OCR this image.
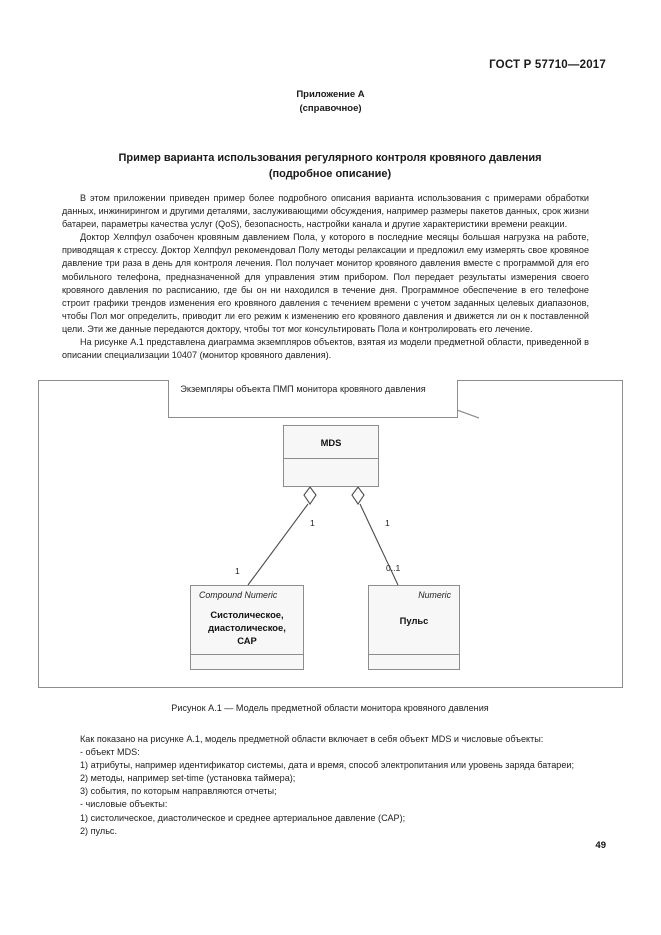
ГОСТ Р 57710—2017
Приложение А
(справочное)
Пример варианта использования регулярного контроля кровяного давления
(подробное описание)

В этом приложении приведен пример более подробного описания варианта использования с примерами обработки данных, инжинирингом и другими деталями, заслуживающими обсуждения, например размеры пакетов данных, срок жизни батареи, параметры качества услуг (QoS), безопасность, настройки канала и другие характеристики времени реакции.

Доктор Хелпфул озабочен кровяным давлением Пола, у которого в последние месяцы большая нагрузка на работе, приводящая к стрессу. Доктор Хелпфул рекомендовал Полу методы релаксации и предложил ему измерять свое кровяное давление три раза в день для контроля лечения. Пол получает монитор кровяного давления вместе с программой для его мобильного телефона, предназначенной для управления этим прибором. Пол передает результаты измерения своего кровяного давления по расписанию, где бы он ни находился в течение дня. Программное обеспечение в его телефоне строит графики трендов изменения его кровяного давления с течением времени с учетом заданных целевых диапазонов, чтобы Пол мог определить, приводит ли его режим к изменению его кровяного давления и движется ли он к поставленной цели. Эти же данные передаются доктору, чтобы тот мог консультировать Пола и контролировать его лечение.

На рисунке А.1 представлена диаграмма экземпляров объектов, взятая из модели предметной области, приведенной в описании специализации 10407 (монитор кровяного давления).

Экземпляры объекта ПМП монитора кровяного давления
MDS
Compound Numeric
Систолическое,
диастолическое,
САР
Numeric
Пульс
1	1
1	0..1
Рисунок А.1 — Модель предметной области монитора кровяного давления

Как показано на рисунке А.1, модель предметной области включает в себя объект MDS и числовые объекты:

- объект MDS:

1) атрибуты, например идентификатор системы, дата и время, способ электропитания или уровень заряда батареи;

2) методы, например set-time (установка таймера);

3) события, по которым направляются отчеты;

- числовые объекты:

1) систолическое, диастолическое и среднее артериальное давление (САР);

2) пульс.

49
